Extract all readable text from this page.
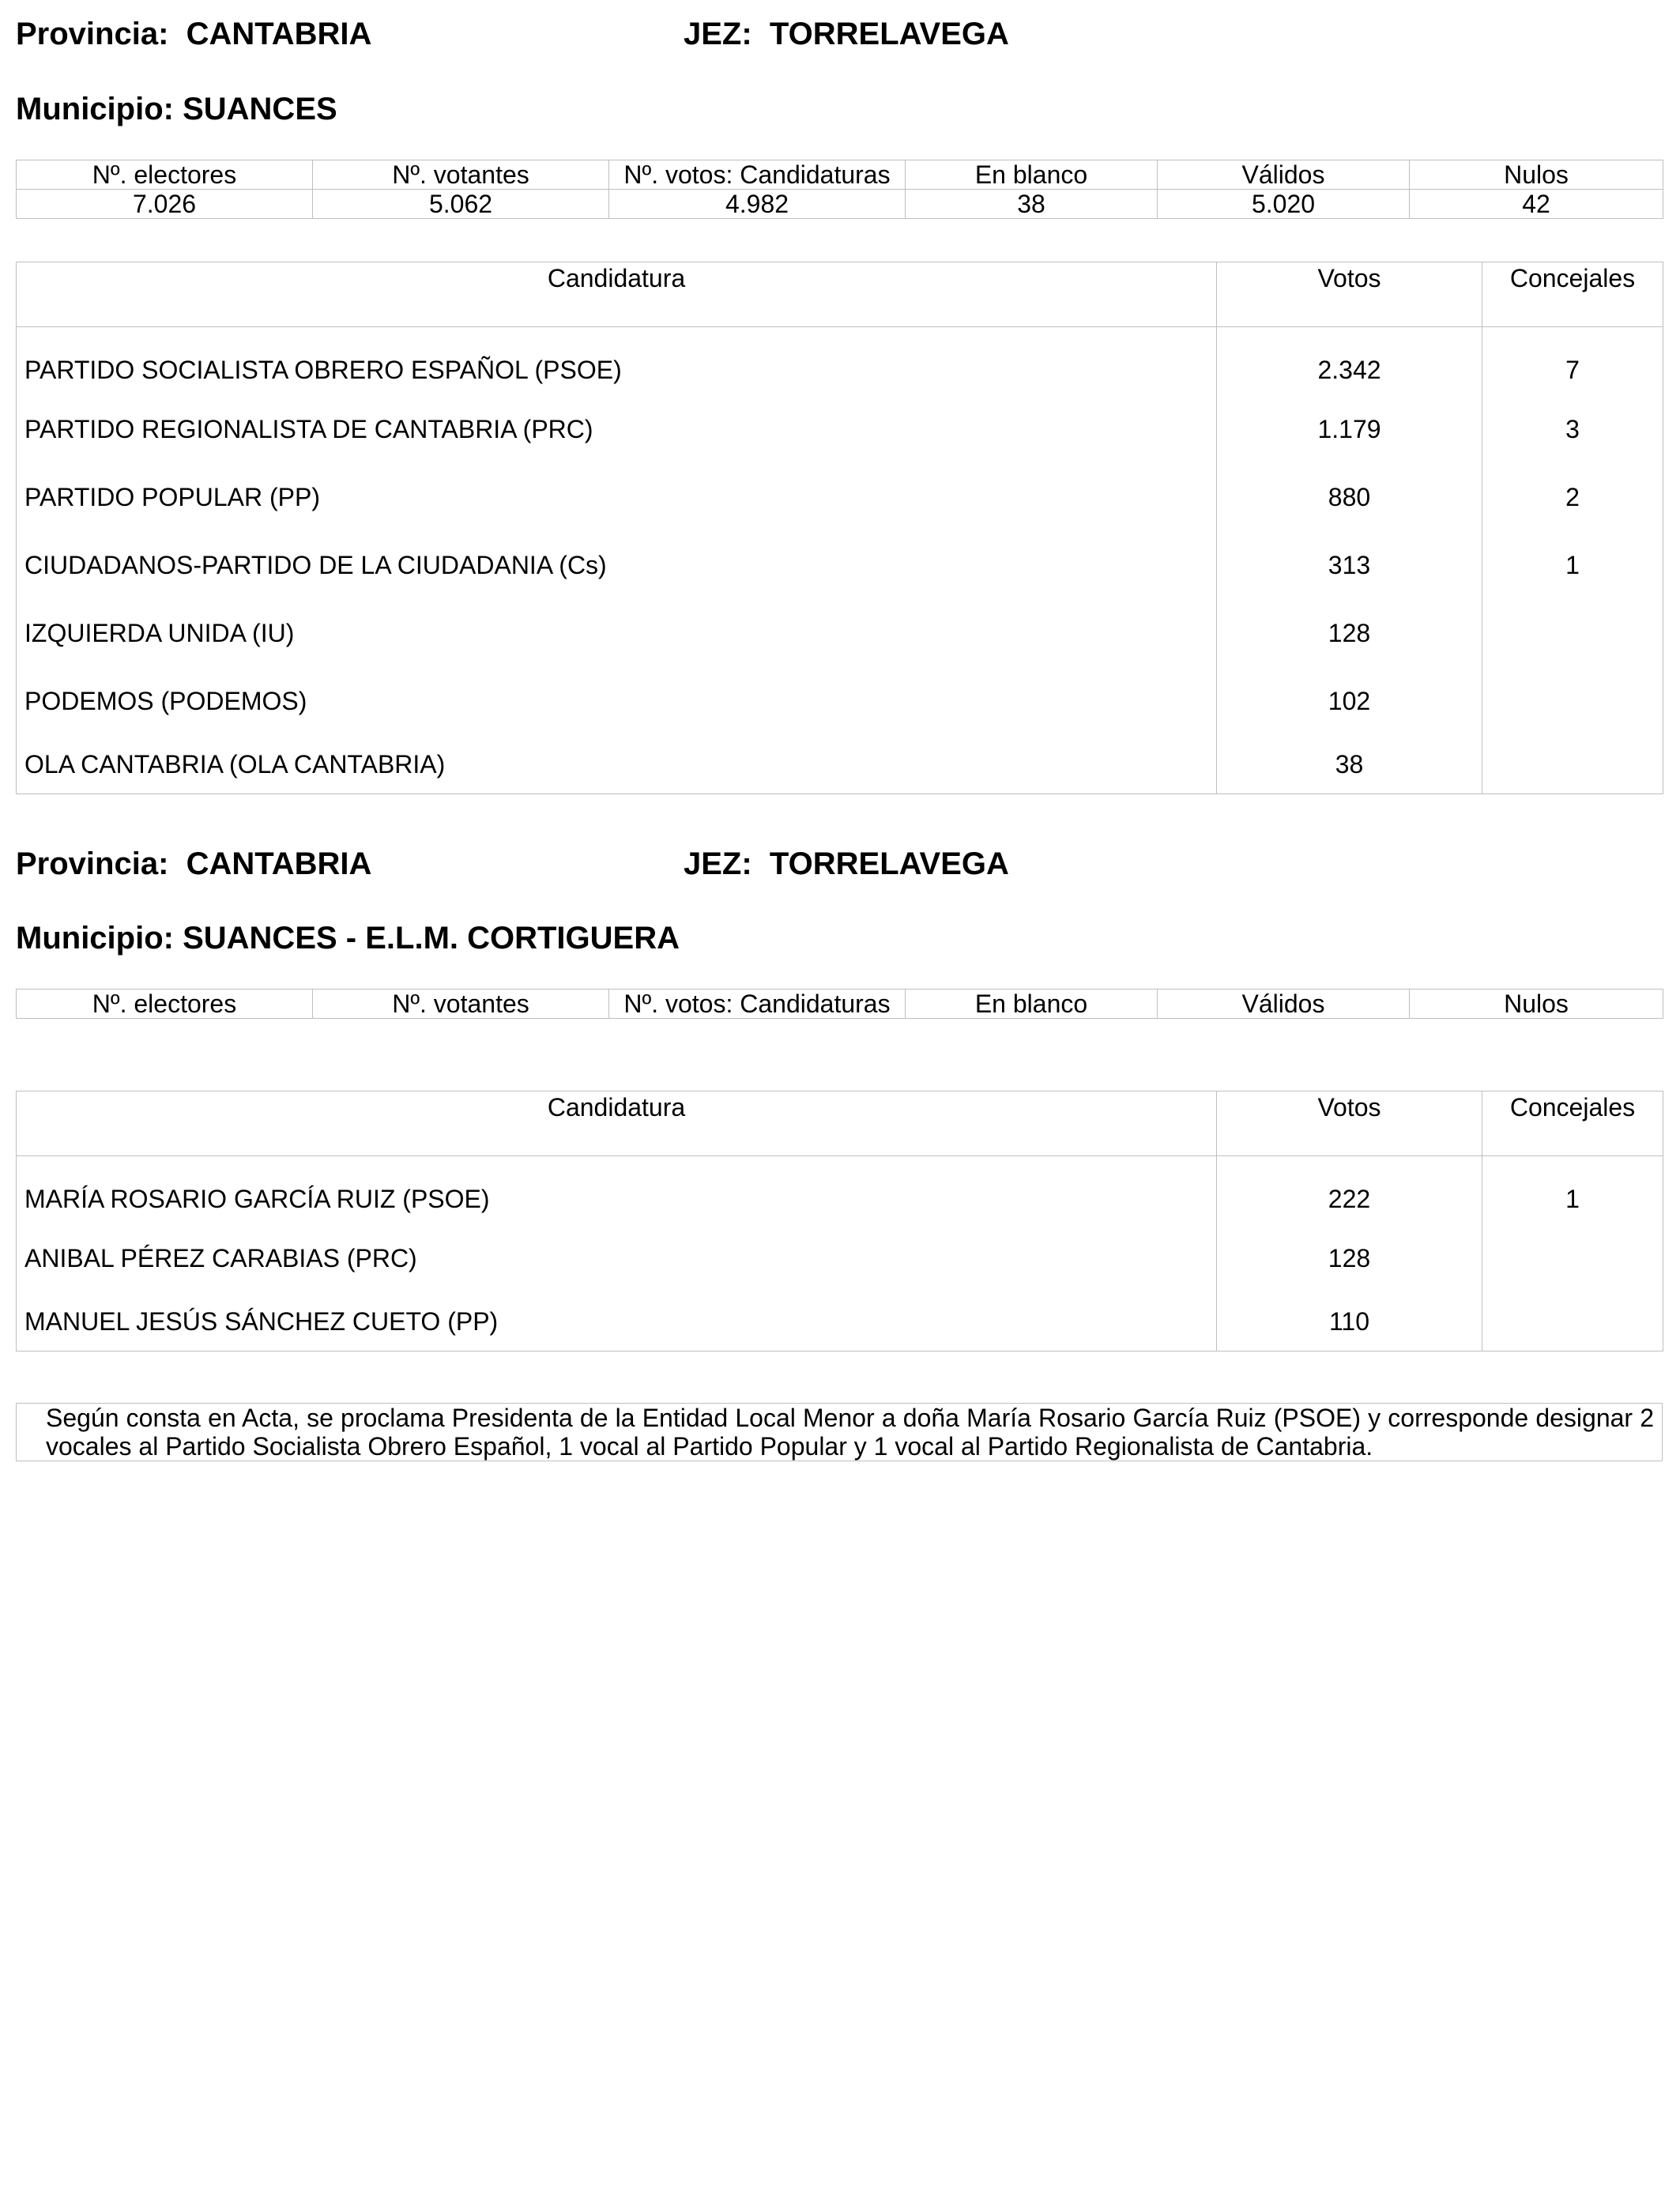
Provincia: CANTABRIA	JEZ: TORRELAVEGA
Municipio: SUANCES
Nº. electores	Nº. votantes	Nº. votos: Candidaturas	En blanco	Válidos	Nulos
7.026	5.062	4.982	38	5.020	42
Candidatura	Votos	Concejales
PARTIDO SOCIALISTA OBRERO ESPAÑOL (PSOE)	2.342	7
PARTIDO REGIONALISTA DE CANTABRIA (PRC)	1.179	3
PARTIDO POPULAR (PP)	880	2
CIUDADANOS-PARTIDO DE LA CIUDADANIA (Cs)	313	1
IZQUIERDA UNIDA (IU)	128	
PODEMOS (PODEMOS)	102	
OLA CANTABRIA (OLA CANTABRIA)	38	
Provincia: CANTABRIA	JEZ: TORRELAVEGA
Municipio: SUANCES - E.L.M. CORTIGUERA
Nº. electores	Nº. votantes	Nº. votos: Candidaturas	En blanco	Válidos	Nulos
Candidatura	Votos	Concejales
MARÍA ROSARIO GARCÍA RUIZ (PSOE)	222	1
ANIBAL PÉREZ CARABIAS (PRC)	128	
MANUEL JESÚS SÁNCHEZ CUETO (PP)	110	
Según consta en Acta, se proclama Presidenta de la Entidad Local Menor a doña María Rosario García Ruiz (PSOE) y corresponde designar 2 vocales al Partido Socialista Obrero Español, 1 vocal al Partido Popular y 1 vocal al Partido Regionalista de Cantabria.
